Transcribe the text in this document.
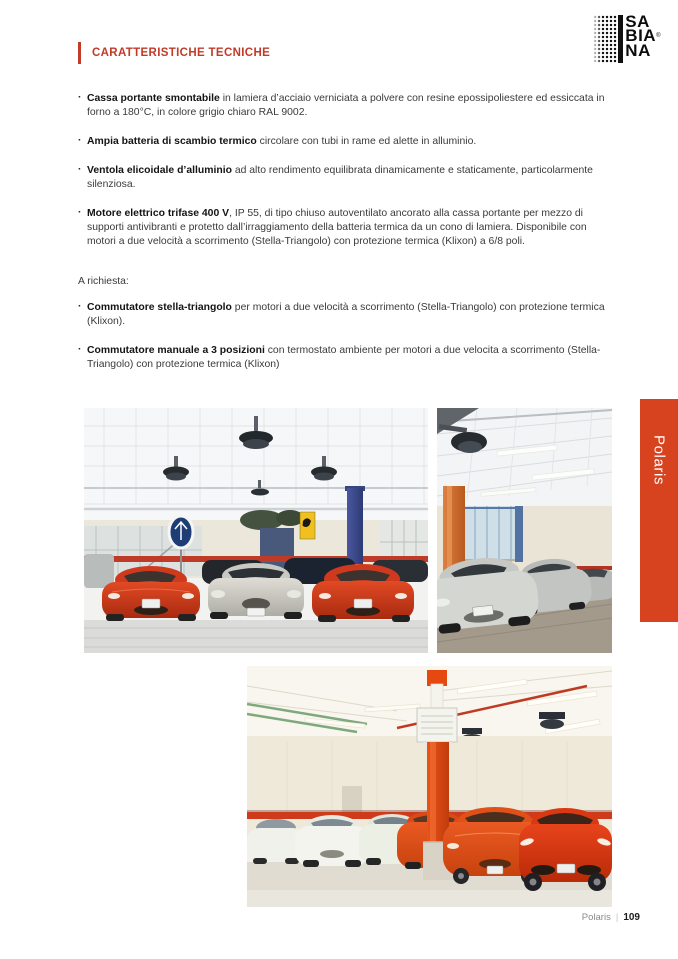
SA
BIA®
NA
CARATTERISTICHE TECNICHE
· Cassa portante smontabile in lamiera d’acciaio verniciata a polvere con resine epossipoliestere ed essiccata in forno a 180°C, in colore grigio chiaro RAL 9002.
· Ampia batteria di scambio termico circolare con tubi in rame ed alette in alluminio.
· Ventola elicoidale d’alluminio ad alto rendimento equilibrata dinamicamente e staticamente, particolarmente silenziosa.
· Motore elettrico trifase 400 V, IP 55, di tipo chiuso autoventilato ancorato alla cassa portante per mezzo di supporti antivibranti e protetto dall’irraggiamento della batteria termica da un cono di lamiera. Disponibile con motori a due velocità a scorrimento (Stella-Triangolo) con protezione termica (Klixon) a 6/8 poli.
A richiesta:
· Commutatore stella-triangolo per motori a due velocità a scorrimento (Stella-Triangolo) con protezione termica (Klixon).
· Commutatore manuale a 3 posizioni con termostato ambiente per motori a due velocita a scorrimento (Stella-Triangolo) con protezione termica (Klixon)
Polaris
Polaris | 109
